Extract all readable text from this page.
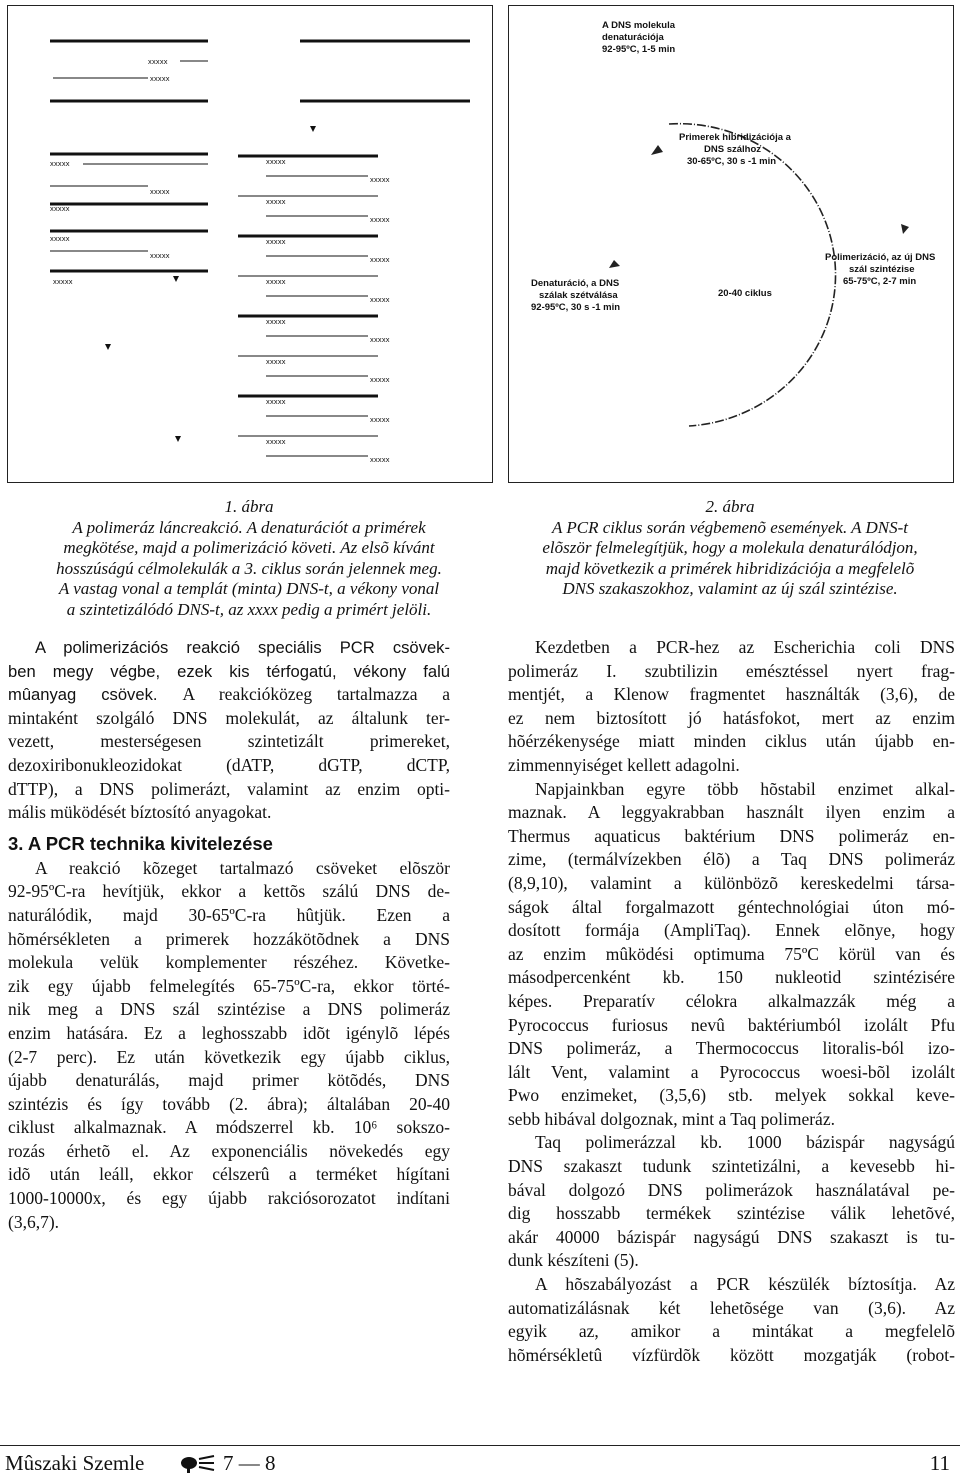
xxxxx
xxxxx
xxxxx
xxxxx
xxxxx
xxxxx
xxxxx
xxxxx
xxxxx
xxxxx
xxxxx
xxxxx
xxxxx
xxxxx
xxxxx
xxxxx
xxxxx
xxxxx
xxxxx
xxxxx
xxxxx
xxxxx
xxxxx
xxxxx
A DNS molekula
denaturációja
92-95ºC, 1-5 min
Primerek hibridizációja a
DNS szálhoz
30-65ºC, 30 s -1 min
Polimerizáció, az új DNS
szál szintézise
65-75ºC, 2-7 min
20-40 ciklus
Denaturáció, a DNS
szálak szétválása
92-95ºC, 30 s -1 min
1. ábra
A polimeráz láncreakció. A denaturációt a primérek
megkötése, majd a polimerizáció követi. Az elsõ kívánt
hosszúságú célmolekulák a 3. ciklus során jelennek meg.
A vastag vonal a templát (minta) DNS-t, a vékony vonal
a szintetizálódó DNS-t, az xxxx pedig a primért jelöli.
2. ábra
A PCR ciklus során végbemenõ események. A DNS-t
elõször felmelegítjük, hogy a molekula denaturálódjon,
majd következik a primérek hibridizációja a megfelelõ
DNS szakaszokhoz, valamint az új szál szintézise.
A polimerizációs reakció speciális PCR csövek-
ben megy végbe, ezek kis térfogatú, vékony falú
mûanyag csövek. A reakcióközeg tartalmazza a
mintaként szolgáló DNS molekulát, az általunk ter-
vezett, mesterségesen szintetizált primereket,
dezoxiribonukleozidokat (dATP, dGTP, dCTP,
dTTP), a DNS polimerázt, valamint az enzim opti-
mális müködését bíztosító anyagokat.
3. A PCR technika kivitelezése
A reakció kõzeget tartalmazó csöveket elõször
92-95ºC-ra hevítjük, ekkor a kettõs szálú DNS de-
naturálódik, majd 30-65ºC-ra hûtjük. Ezen a
hõmérsékleten a primerek hozzákötõdnek a DNS
molekula velük komplementer részéhez. Követke-
zik egy újabb felmelegítés 65-75ºC-ra, ekkor törté-
nik meg a DNS szál szintézise a DNS polimeráz
enzim hatására. Ez a leghosszabb idõt igénylõ lépés
(2-7 perc). Ez után következik egy újabb ciklus,
újabb denaturálás, majd primer kötõdés, DNS
szintézis és így tovább (2. ábra); általában 20-40
ciklust alkalmaznak. A módszerrel kb. 10⁶ sokszo-
rozás érhetõ el. Az exponenciális növekedés egy
idõ után leáll, ekkor célszerû a terméket hígítani
1000-10000x, és egy újabb rakciósorozatot indítani
(3,6,7).
Kezdetben a PCR-hez az Escherichia coli DNS
polimeráz I. szubtilizin emésztéssel nyert frag-
mentjét, a Klenow fragmentet használták (3,6), de
ez nem biztosított jó hatásfokot, mert az enzim
hõérzékenysége miatt minden ciklus után újabb en-
zimmennyiséget kellett adagolni.
Napjainkban egyre több hõstabil enzimet alkal-
maznak. A leggyakrabban használt ilyen enzim a
Thermus aquaticus baktérium DNS polimeráz en-
zime, (termálvízekben élõ) a Taq DNS polimeráz
(8,9,10), valamint a különbözõ kereskedelmi társa-
ságok által forgalmazott géntechnológiai úton mó-
dosított formája (AmpliTaq). Ennek elõnye, hogy
az enzim mûködési optimuma 75ºC körül van és
másodpercenként kb. 150 nukleotid szintézisére
képes. Preparatív célokra alkalmazzák még a
Pyrococcus furiosus nevû baktériumból izolált Pfu
DNS polimeráz, a Thermococcus litoralis-ból izo-
lált Vent, valamint a Pyrococcus woesi-bõl izolált
Pwo enzimeket, (3,5,6) stb. melyek sokkal keve-
sebb hibával dolgoznak, mint a Taq polimeráz.
Taq polimerázzal kb. 1000 bázispár nagyságú
DNS szakaszt tudunk szintetizálni, a kevesebb hi-
bával dolgozó DNS polimerázok használatával pe-
dig hosszabb termékek szintézise válik lehetõvé,
akár 40000 bázispár nagyságú DNS szakaszt is tu-
dunk készíteni (5).
A hõszabályozást a PCR készülék bíztosítja. Az
automatizálásnak két lehetõsége van (3,6). Az
egyik az, amikor a mintákat a megfelelõ
hõmérsékletû vízfürdõk között mozgatják (robot-
Mûszaki Szemle	7 — 8	11
